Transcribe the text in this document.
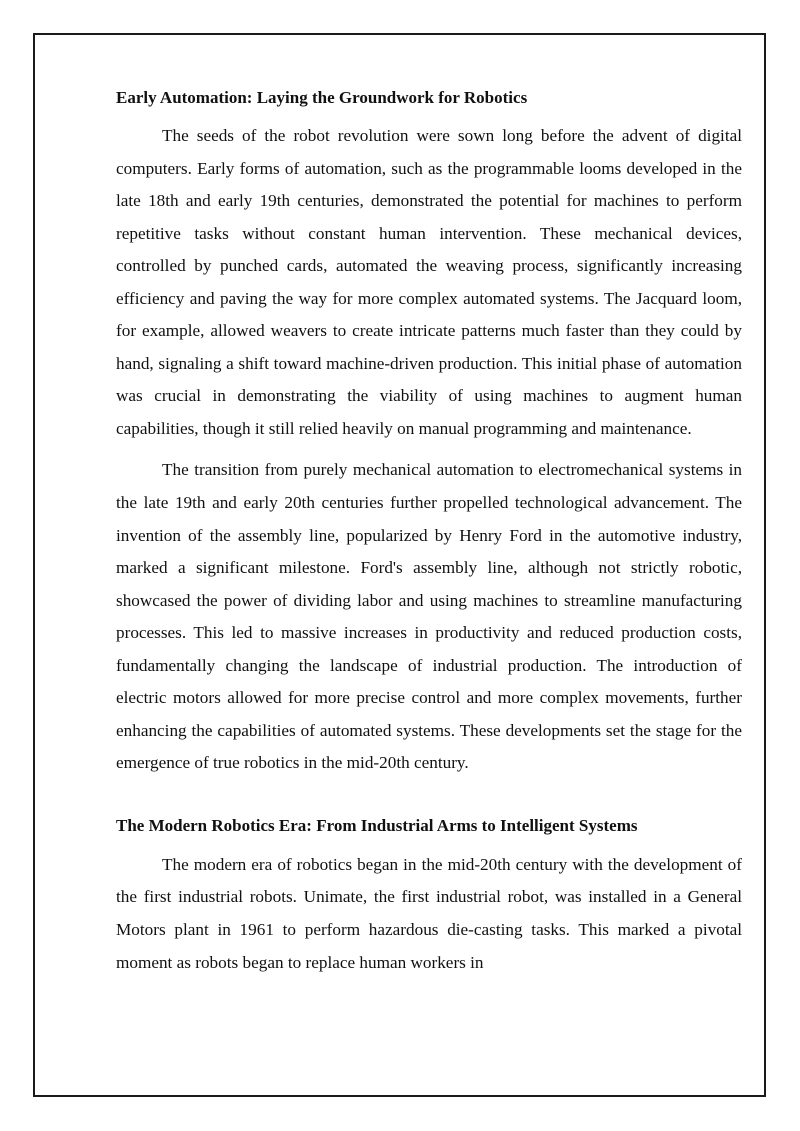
Early Automation: Laying the Groundwork for Robotics

The seeds of the robot revolution were sown long before the advent of digital computers. Early forms of automation, such as the programmable looms developed in the late 18th and early 19th centuries, demonstrated the potential for machines to perform repetitive tasks without constant human intervention. These mechanical devices, controlled by punched cards, automated the weaving process, significantly increasing efficiency and paving the way for more complex automated systems. The Jacquard loom, for example, allowed weavers to create intricate patterns much faster than they could by hand, signaling a shift toward machine-driven production. This initial phase of automation was crucial in demonstrating the viability of using machines to augment human capabilities, though it still relied heavily on manual programming and maintenance.

The transition from purely mechanical automation to electromechanical systems in the late 19th and early 20th centuries further propelled technological advancement. The invention of the assembly line, popularized by Henry Ford in the automotive industry, marked a significant milestone. Ford's assembly line, although not strictly robotic, showcased the power of dividing labor and using machines to streamline manufacturing processes. This led to massive increases in productivity and reduced production costs, fundamentally changing the landscape of industrial production. The introduction of electric motors allowed for more precise control and more complex movements, further enhancing the capabilities of automated systems. These developments set the stage for the emergence of true robotics in the mid-20th century.

The Modern Robotics Era: From Industrial Arms to Intelligent Systems

The modern era of robotics began in the mid-20th century with the development of the first industrial robots. Unimate, the first industrial robot, was installed in a General Motors plant in 1961 to perform hazardous die-casting tasks. This marked a pivotal moment as robots began to replace human workers in
